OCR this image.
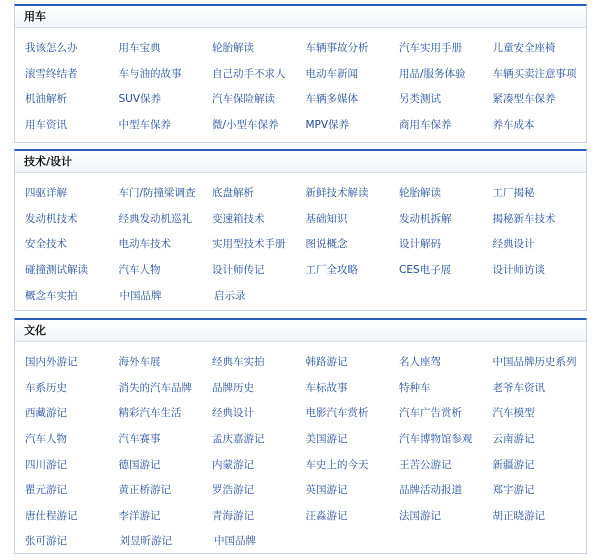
用车
我该怎么办	用车宝典	轮胎解读	车辆事故分析	汽车实用手册	儿童安全座椅
滚雪终结者	车与油的故事	自己动手不求人	电动车新闻	用品/服务体验	车辆买卖注意事项
机油解析	SUV保养	汽车保险解读	车辆多媒体	另类测试	紧凑型车保养
用车资讯	中型车保养	微/小型车保养	MPV保养	商用车保养	养车成本
技术/设计
四驱详解	车门/防撞梁调查	底盘解析	新鲜技术解读	轮胎解读	工厂揭秘
发动机技术	经典发动机巡礼	变速箱技术	基础知识	发动机拆解	揭秘新车技术
安全技术	电动车技术	实用型技术手册	图说概念	设计解码	经典设计
碰撞测试解读	汽车人物	设计师传记	工厂全攻略	CES电子展	设计师访谈
概念车实拍	中国品牌	启示录
文化
国内外游记	海外车展	经典车实拍	韩路游记	名人座驾	中国品牌历史系列
车系历史	消失的汽车品牌	品牌历史	车标故事	特种车	老爷车资讯
西藏游记	精彩汽车生活	经典设计	电影汽车赏析	汽车广告赏析	汽车模型
汽车人物	汽车赛事	孟庆嘉游记	美国游记	汽车博物馆参观	云南游记
四川游记	德国游记	内蒙游记	车史上的今天	王苦公游记	新疆游记
瞿元游记	黄正桥游记	罗浩游记	英国游记	品牌活动报道	郑宇游记
唐仕程游记	李洋游记	青海游记	汪淼游记	法国游记	胡正晓游记
张可游记	刘昱昕游记	中国品牌
